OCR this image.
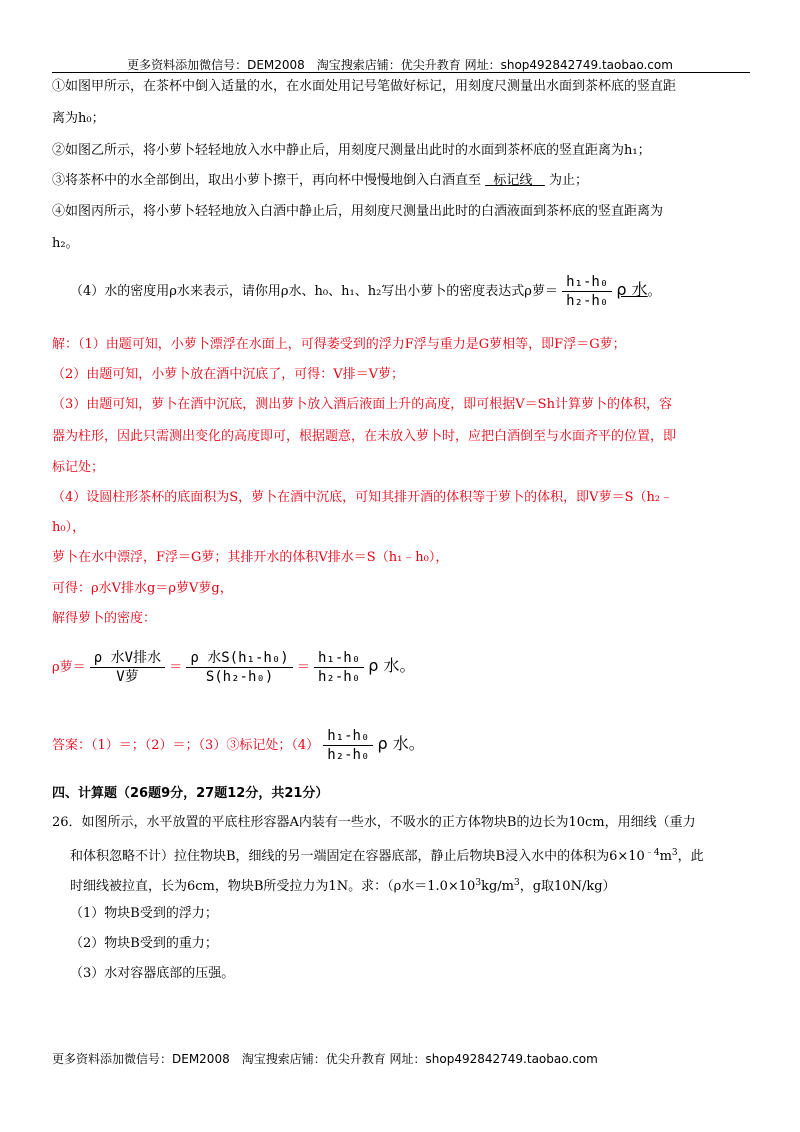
更多资料添加微信号：DEM2008　淘宝搜索店铺：优尖升教育 网址：shop492842749.taobao.com
①如图甲所示，在茶杯中倒入适量的水，在水面处用记号笔做好标记，用刻度尺测量出水面到茶杯底的竖直距
离为h₀；
②如图乙所示，将小萝卜轻轻地放入水中静止后，用刻度尺测量出此时的水面到茶杯底的竖直距离为h₁；
③将茶杯中的水全部倒出，取出小萝卜擦干，再向杯中慢慢地倒入白酒直至 标记线 为止；
④如图丙所示，将小萝卜轻轻地放入白酒中静止后，用刻度尺测量出此时的白酒液面到茶杯底的竖直距离为
h₂。
（4）水的密度用ρ水来表示，请你用ρ水、h₀、h₁、h₂写出小萝卜的密度表达式ρ萝＝ $\frac{\text{h₁-h₀}}{\text{h₂-h₀}}$ ρ 水。
解：（1）由题可知，小萝卜漂浮在水面上，可得萎受到的浮力F浮与重力是G萝相等，即F浮＝G萝；
（2）由题可知，小萝卜放在酒中沉底了，可得：V排＝V萝；
（3）由题可知，萝卜在酒中沉底，测出萝卜放入酒后液面上升的高度，即可根据V＝Sh计算萝卜的体积，容
器为柱形，因此只需测出变化的高度即可，根据题意，在未放入萝卜时，应把白酒倒至与水面齐平的位置，即
标记处；
（4）设圆柱形茶杯的底面积为S，萝卜在酒中沉底，可知其排开酒的体积等于萝卜的体积，即V萝＝S（h₂﹣
h₀），
萝卜在水中漂浮，F浮＝G萝；其排开水的体积V排水＝S（h₁﹣h₀），
可得：ρ水V排水g＝ρ萝V萝g，
解得萝卜的密度：
ρ萝＝ $\frac{\text{ρ 水V排水}}{\text{V萝}} = \frac{\text{ρ 水S(h₁-h₀)}}{\text{S(h₂-h₀)}} = \frac{\text{h₁-h₀}}{\text{h₂-h₀}}$ ρ 水。
答案：（1）＝；（2）＝；（3）③标记处；$(4) \frac{\text{h₁-h₀}}{\text{h₂-h₀}}$ ρ 水。
四、计算题（26题9分，27题12分，共21分）
26．如图所示，水平放置的平底柱形容器A内装有一些水，不吸水的正方体物块B的边长为10cm，用细线（重力
和体积忽略不计）拉住物块B，细线的另一端固定在容器底部，静止后物块B浸入水中的体积为$6\times 10^{﹣4}m^3$，此
时细线被拉直，长为6cm，物块B所受拉力为1N。求：（ρ水$=1.0\times 10^3kg/m^3$，g取10N/kg）
（1）物块B受到的浮力；
（2）物块B受到的重力；
（3）水对容器底部的压强。
更多资料添加微信号：DEM2008　淘宝搜索店铺：优尖升教育 网址：shop492842749.taobao.com
